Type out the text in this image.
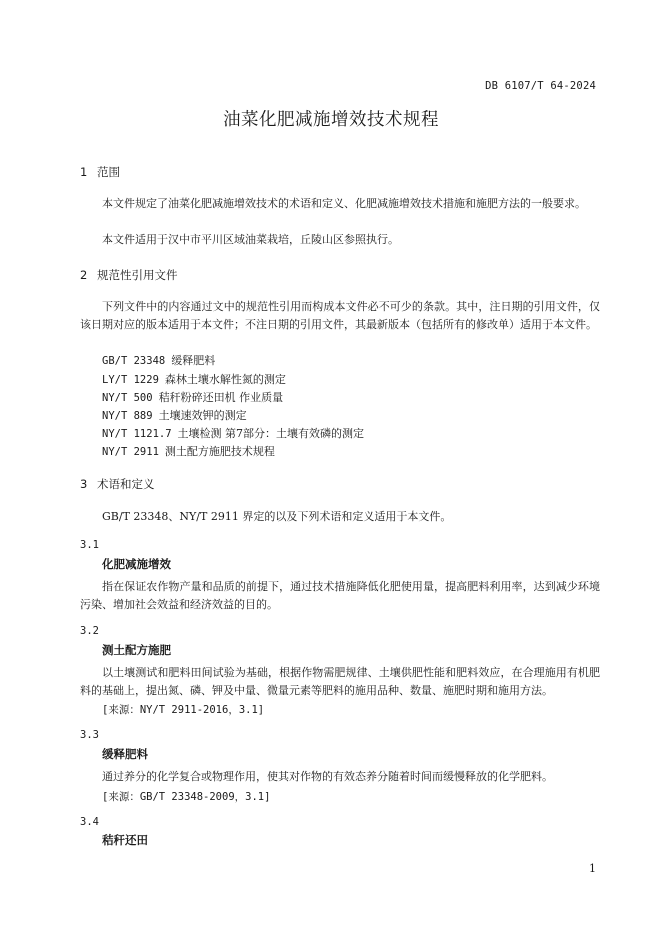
DB 6107/T 64-2024
油菜化肥减施增效技术规程
1 范围
本文件规定了油菜化肥减施增效技术的术语和定义、化肥减施增效技术措施和施肥方法的一般要求。
本文件适用于汉中市平川区域油菜栽培，丘陵山区参照执行。
2 规范性引用文件
下列文件中的内容通过文中的规范性引用而构成本文件必不可少的条款。其中，注日期的引用文件，仅该日期对应的版本适用于本文件；不注日期的引用文件，其最新版本（包括所有的修改单）适用于本文件。
GB/T 23348 缓释肥料
LY/T 1229 森林土壤水解性氮的测定
NY/T 500 秸秆粉碎还田机 作业质量
NY/T 889 土壤速效钾的测定
NY/T 1121.7 土壤检测 第7部分：土壤有效磷的测定
NY/T 2911 测土配方施肥技术规程
3 术语和定义
GB/T 23348、NY/T 2911 界定的以及下列术语和定义适用于本文件。
3.1
化肥减施增效
指在保证农作物产量和品质的前提下，通过技术措施降低化肥使用量，提高肥料利用率，达到减少环境污染、增加社会效益和经济效益的目的。
3.2
测土配方施肥
以土壤测试和肥料田间试验为基础，根据作物需肥规律、土壤供肥性能和肥料效应，在合理施用有机肥料的基础上，提出氮、磷、钾及中量、微量元素等肥料的施用品种、数量、施肥时期和施用方法。
[来源：NY/T 2911-2016，3.1]
3.3
缓释肥料
通过养分的化学复合或物理作用，使其对作物的有效态养分随着时间而缓慢释放的化学肥料。
[来源：GB/T 23348-2009，3.1]
3.4
秸秆还田
1
